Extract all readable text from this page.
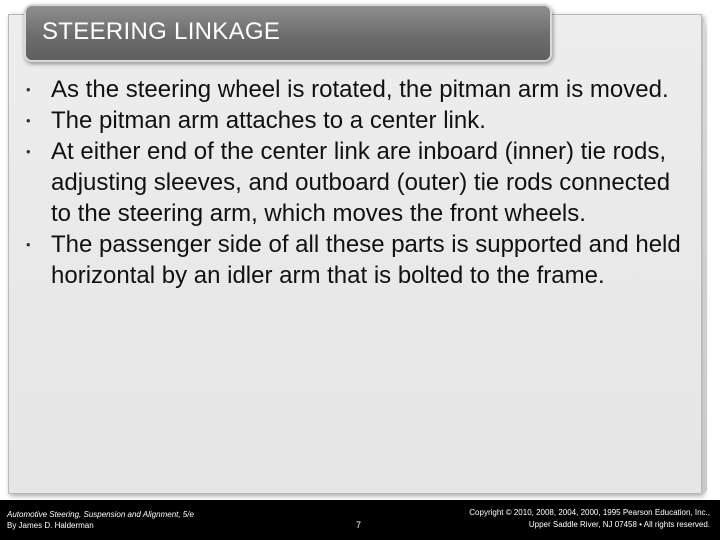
STEERING LINKAGE
• As the steering wheel is rotated, the pitman arm is moved.
• The pitman arm attaches to a center link.
• At either end of the center link are inboard (inner) tie rods, adjusting sleeves, and outboard (outer) tie rods connected to the steering arm, which moves the front wheels.
• The passenger side of all these parts is supported and held horizontal by an idler arm that is bolted to the frame.
Automotive Steering, Suspension and Alignment, 5/e
By James D. Halderman	7
Copyright © 2010, 2008, 2004, 2000, 1995 Pearson Education, Inc.,
Upper Saddle River, NJ 07458 • All rights reserved.
